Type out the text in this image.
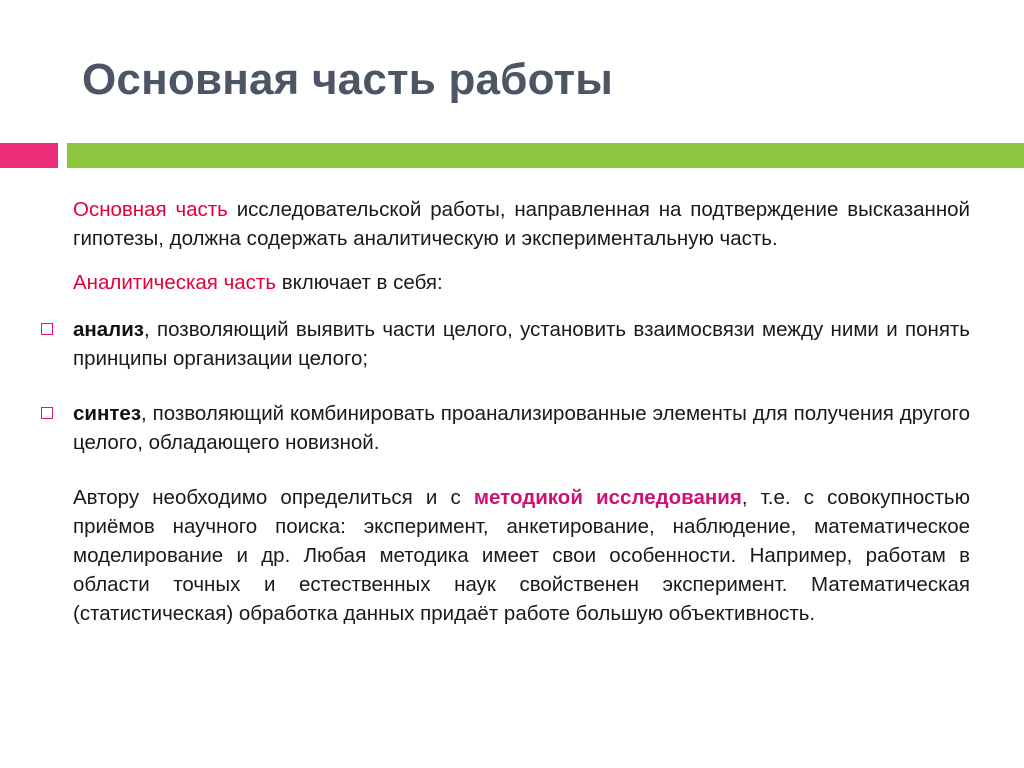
Основная часть работы

Основная часть исследовательской работы, направленная на подтверждение высказанной гипотезы, должна содержать аналитическую и экспериментальную часть.

Аналитическая часть включает в себя:

анализ, позволяющий выявить части целого, установить взаимосвязи между ними и понять принципы организации целого;

синтез, позволяющий комбинировать проанализированные элементы для получения другого целого, обладающего новизной.

Автору необходимо определиться и с методикой исследования, т.е. с совокупностью приёмов научного поиска: эксперимент, анкетирование, наблюдение, математическое моделирование и др. Любая методика имеет свои особенности. Например, работам в области точных и естественных наук свойственен эксперимент. Математическая (статистическая) обработка данных придаёт работе большую объективность.
